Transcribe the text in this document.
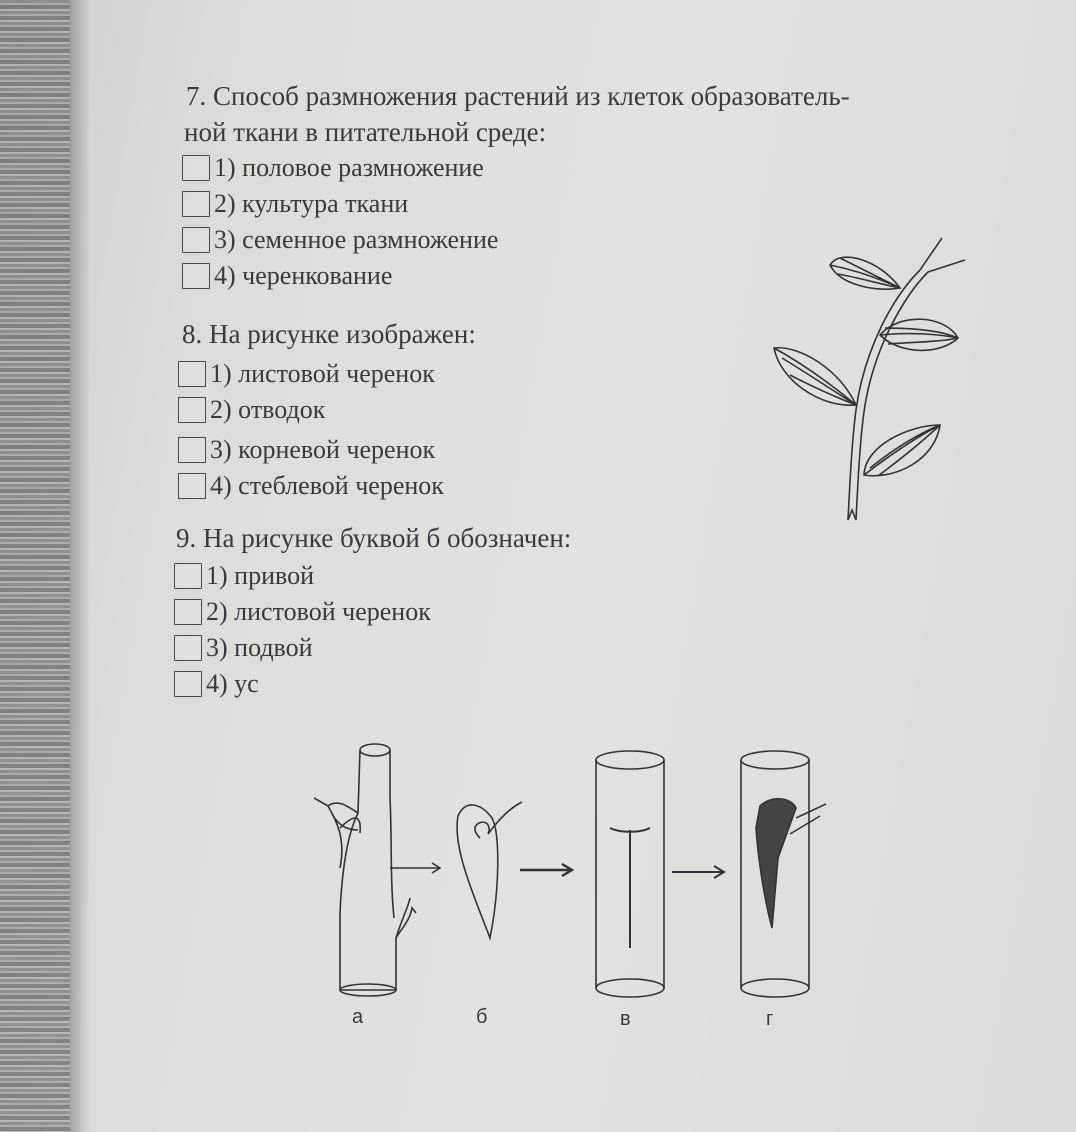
7. Способ размножения растений из клеток образователь-

ной ткани в питательной среде:

1) половое размножение
2) культура ткани
3) семенное размножение
4) черенкование

8. На рисунке изображен:

1) листовой черенок
2) отводок
3) корневой черенок
4) стеблевой черенок

9. На рисунке буквой б обозначен:

1) привой
2) листовой черенок
3) подвой
4) ус
а	б	в	г
